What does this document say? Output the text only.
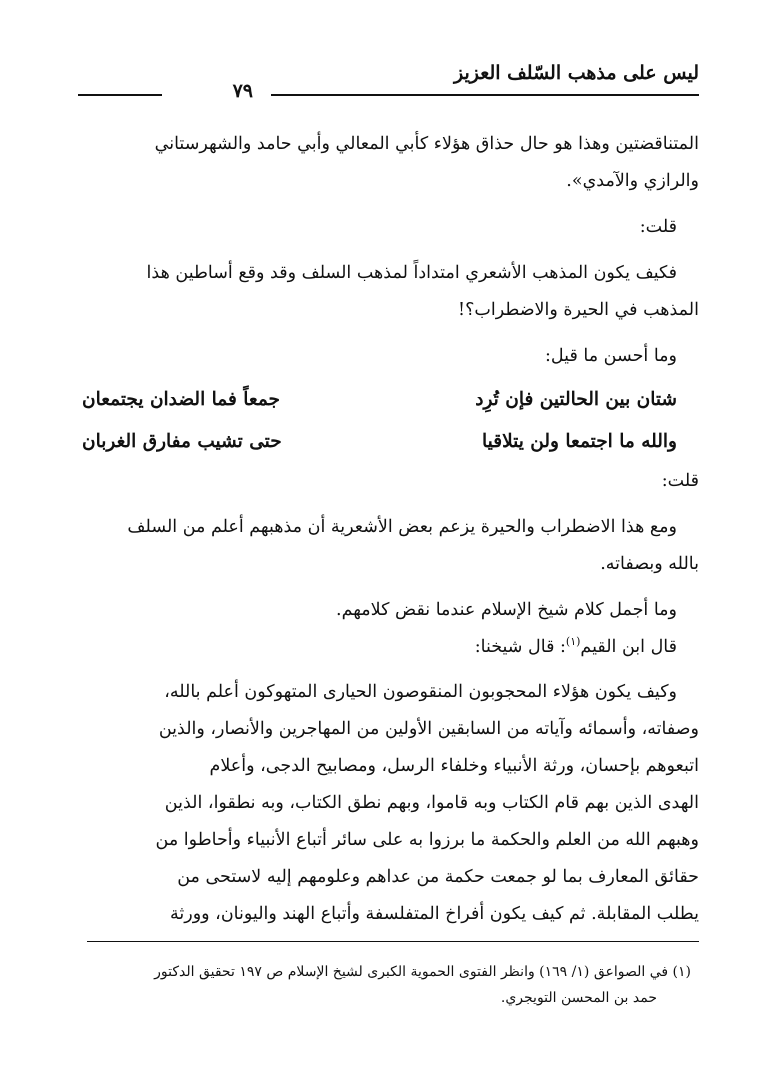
ليس على مذهب السّلف العزيز
٧٩

المتناقضتين وهذا هو حال حذاق هؤلاء كأبي المعالي وأبي حامد والشهرستاني

والرازي والآمدي».

قلت:

فكيف يكون المذهب الأشعري امتداداً لمذهب السلف وقد وقع أساطين هذا

المذهب في الحيرة والاضطراب؟!

وما أحسن ما قيل:

شتان بين الحالتين فإن تُرِد
جمعاً فما الضدان يجتمعان
والله ما اجتمعا ولن يتلاقيا
حتى تشيب مفارق الغربان

قلت:

ومع هذا الاضطراب والحيرة يزعم بعض الأشعرية أن مذهبهم أعلم من السلف

بالله وبصفاته.

وما أجمل كلام شيخ الإسلام عندما نقض كلامهم.

قال ابن القيم$^{(١)}$: قال شيخنا:

وكيف يكون هؤلاء المحجوبون المنقوصون الحيارى المتهوكون أعلم بالله،

وصفاته، وأسمائه وآياته من السابقين الأولين من المهاجرين والأنصار، والذين

اتبعوهم بإحسان، ورثة الأنبياء وخلفاء الرسل، ومصابيح الدجى، وأعلام

الهدى الذين بهم قام الكتاب وبه قاموا، وبهم نطق الكتاب، وبه نطقوا، الذين

وهبهم الله من العلم والحكمة ما برزوا به على سائر أتباع الأنبياء وأحاطوا من

حقائق المعارف بما لو جمعت حكمة من عداهم وعلومهم إليه لاستحى من

يطلب المقابلة. ثم كيف يكون أفراخ المتفلسفة وأتباع الهند واليونان، وورثة

(١) في الصواعق (١/ ١٦٩) وانظر الفتوى الحموية الكبرى لشيخ الإسلام ص ١٩٧ تحقيق الدكتور
حمد بن المحسن التويجري.
